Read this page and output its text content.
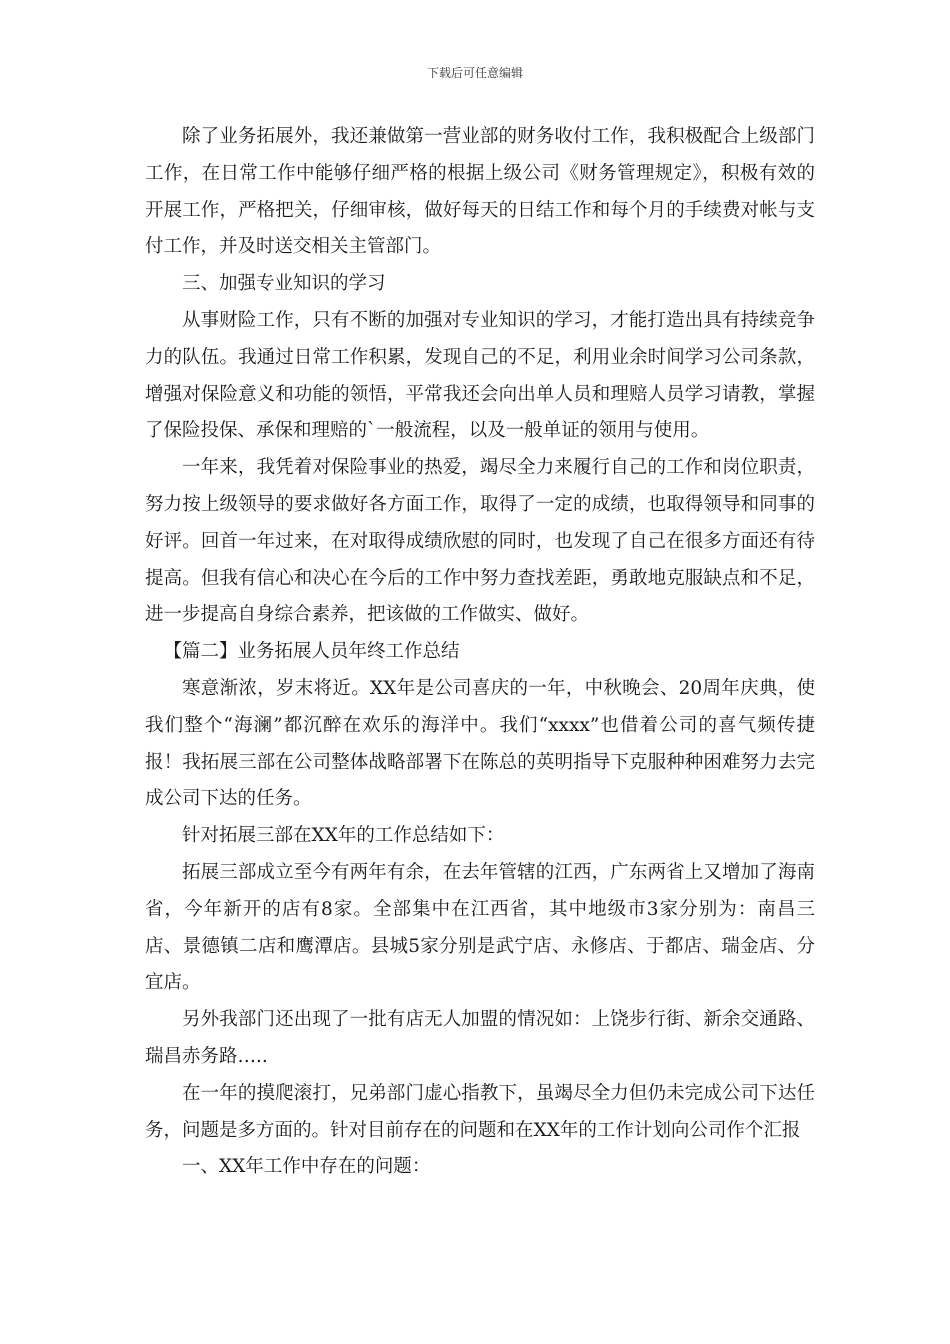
下载后可任意编辑

除了业务拓展外，我还兼做第一营业部的财务收付工作，我积极配合上级部门工作，在日常工作中能够仔细严格的根据上级公司《财务管理规定》，积极有效的开展工作，严格把关，仔细审核，做好每天的日结工作和每个月的手续费对帐与支付工作，并及时送交相关主管部门。

三、加强专业知识的学习

从事财险工作，只有不断的加强对专业知识的学习，才能打造出具有持续竞争力的队伍。我通过日常工作积累，发现自己的不足，利用业余时间学习公司条款，增强对保险意义和功能的领悟，平常我还会向出单人员和理赔人员学习请教，掌握了保险投保、承保和理赔的`一般流程，以及一般单证的领用与使用。

一年来，我凭着对保险事业的热爱，竭尽全力来履行自己的工作和岗位职责，努力按上级领导的要求做好各方面工作，取得了一定的成绩，也取得领导和同事的好评。回首一年过来，在对取得成绩欣慰的同时，也发现了自己在很多方面还有待提高。但我有信心和决心在今后的工作中努力查找差距，勇敢地克服缺点和不足，进一步提高自身综合素养，把该做的工作做实、做好。

【篇二】业务拓展人员年终工作总结

寒意渐浓，岁末将近。XX年是公司喜庆的一年，中秋晚会、20周年庆典，使我们整个“海澜”都沉醉在欢乐的海洋中。我们“xxxx”也借着公司的喜气频传捷报！我拓展三部在公司整体战略部署下在陈总的英明指导下克服种种困难努力去完成公司下达的任务。

针对拓展三部在XX年的工作总结如下：

拓展三部成立至今有两年有余，在去年管辖的江西，广东两省上又增加了海南省，今年新开的店有8家。全部集中在江西省，其中地级市3家分别为：南昌三店、景德镇二店和鹰潭店。县城5家分别是武宁店、永修店、于都店、瑞金店、分宜店。

另外我部门还出现了一批有店无人加盟的情况如：上饶步行街、新余交通路、瑞昌赤务路…..

在一年的摸爬滚打，兄弟部门虚心指教下，虽竭尽全力但仍未完成公司下达任务，问题是多方面的。针对目前存在的问题和在XX年的工作计划向公司作个汇报

一、XX年工作中存在的问题：
